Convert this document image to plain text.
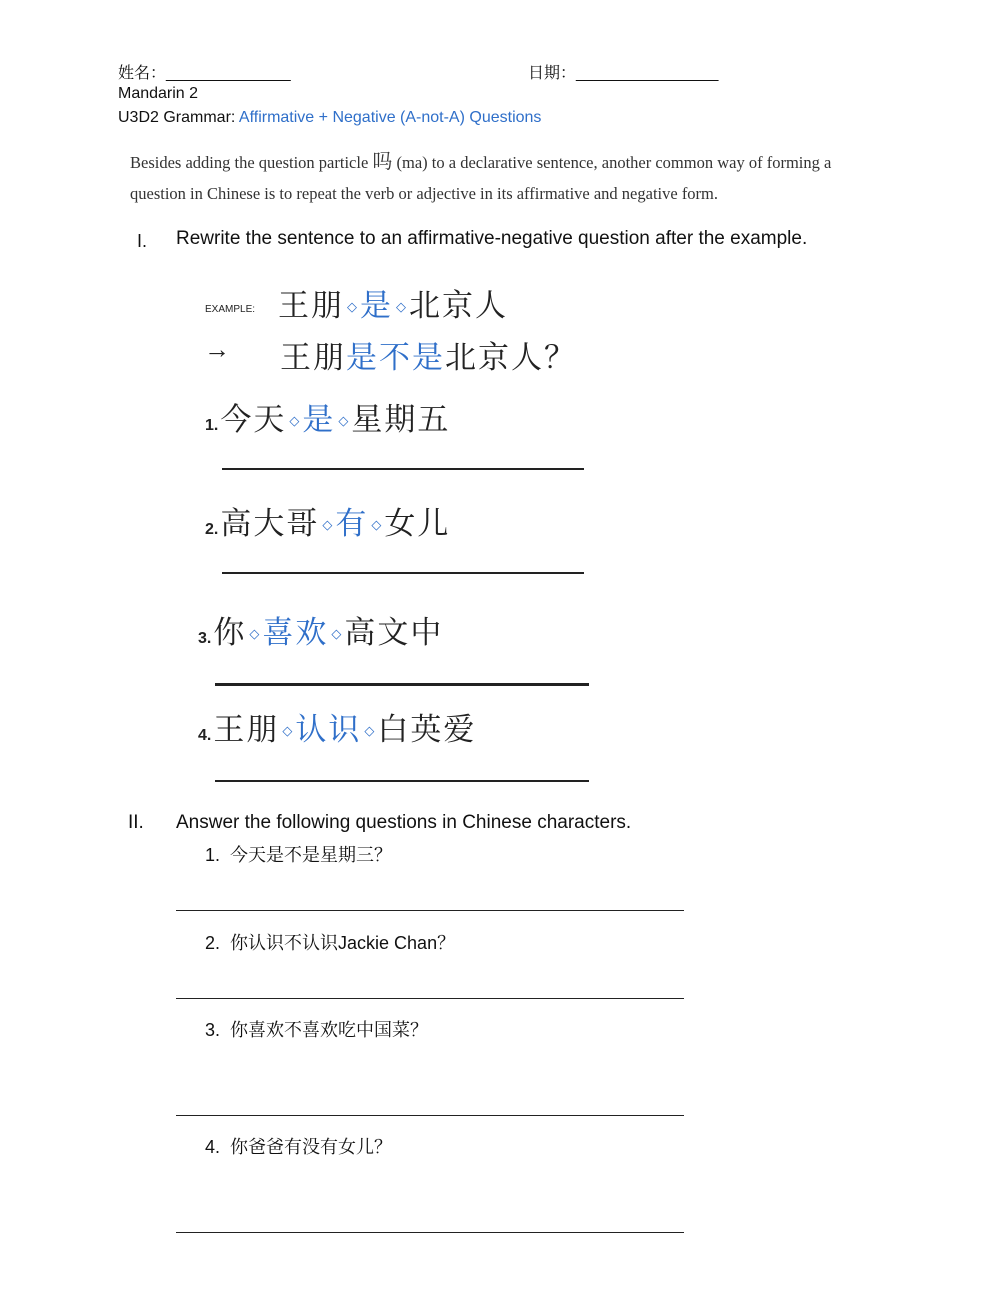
姓名：______________	日期：________________
Mandarin 2
U3D2 Grammar: Affirmative + Negative (A-not-A) Questions
Besides adding the question particle 吗 (ma) to a declarative sentence, another common way of forming a question in Chinese is to repeat the verb or adjective in its affirmative and negative form.
I. Rewrite the sentence to an affirmative-negative question after the example.
EXAMPLE: 王朋 ◇是 ◇北京人
→ 王朋是不是北京人？
1.今天 ◇是 ◇星期五
2.高大哥 ◇有 ◇女儿
3.你 ◇喜欢 ◇高文中
4.王朋 ◇认识 ◇白英爱
II. Answer the following questions in Chinese characters.
1. 今天是不是星期三？
2. 你认识不认识Jackie Chan？
3. 你喜欢不喜欢吃中国菜？
4. 你爸爸有没有女儿？
